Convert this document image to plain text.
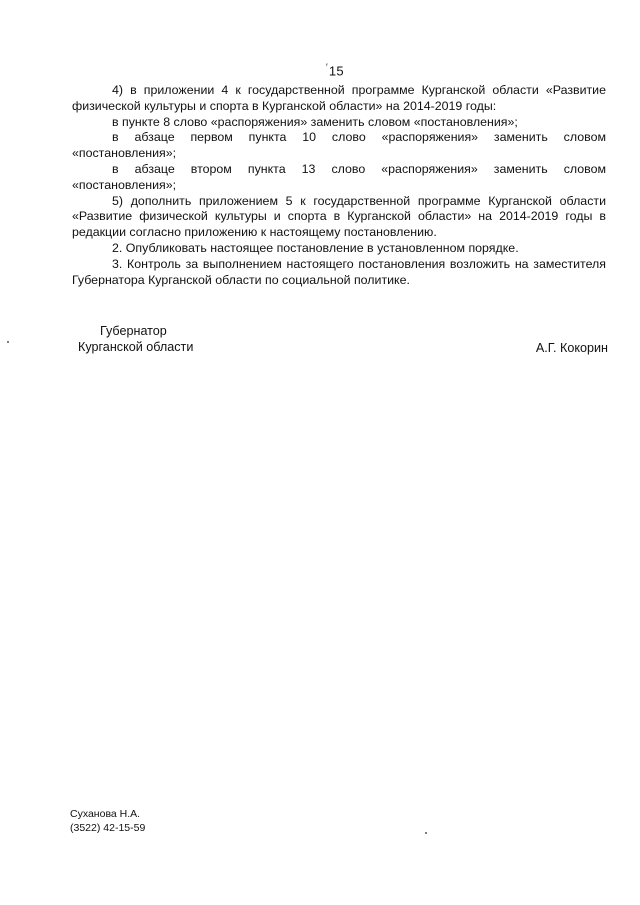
′15

4) в приложении 4 к государственной программе Курганской области «Развитие физической культуры и спорта в Курганской области» на 2014-2019 годы:

в пункте 8 слово «распоряжения» заменить словом «постановления»;

в абзаце первом пункта 10 слово «распоряжения» заменить словом «постановления»;

в абзаце втором пункта 13 слово «распоряжения» заменить словом «постановления»;

5) дополнить приложением 5 к государственной программе Курганской области «Развитие физической культуры и спорта в Курганской области» на 2014-2019 годы в редакции согласно приложению к настоящему постановлению.

2. Опубликовать настоящее постановление в установленном порядке.

3. Контроль за выполнением настоящего постановления возложить на заместителя Губернатора Курганской области по социальной политике.

Губернатор
Курганской области	А.Г. Кокорин
Суханова Н.А.
(3522) 42-15-59
